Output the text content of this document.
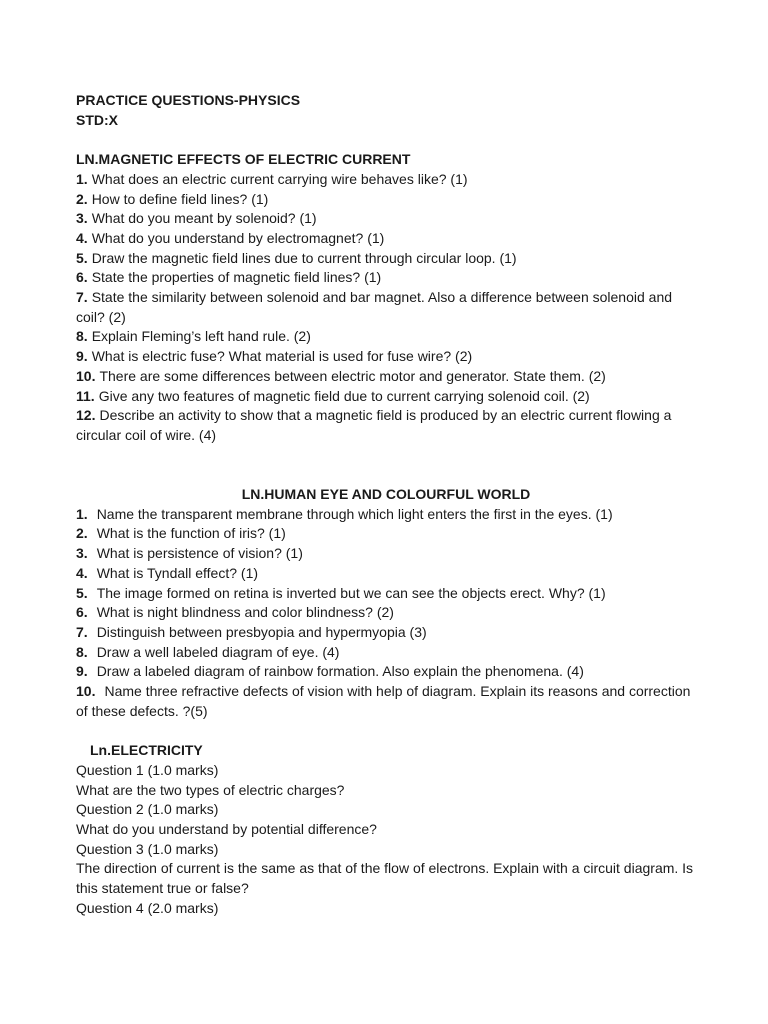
PRACTICE QUESTIONS-PHYSICS

STD:X

LN.MAGNETIC EFFECTS OF ELECTRIC CURRENT

1. What does an electric current carrying wire behaves like? (1)

2. How to define field lines? (1)

3. What do you meant by solenoid? (1)

4. What do you understand by electromagnet? (1)

5. Draw the magnetic field lines due to current through circular loop. (1)

6. State the properties of magnetic field lines? (1)

7. State the similarity between solenoid and bar magnet. Also a difference between solenoid and coil? (2)

8. Explain Fleming’s left hand rule. (2)

9. What is electric fuse? What material is used for fuse wire? (2)

10. There are some differences between electric motor and generator. State them. (2)

11. Give any two features of magnetic field due to current carrying solenoid coil. (2)

12. Describe an activity to show that a magnetic field is produced by an electric current flowing a circular coil of wire. (4)

LN.HUMAN EYE AND COLOURFUL WORLD

1. Name the transparent membrane through which light enters the first in the eyes. (1)

2. What is the function of iris? (1)

3. What is persistence of vision? (1)

4. What is Tyndall effect? (1)

5. The image formed on retina is inverted but we can see the objects erect. Why? (1)

6. What is night blindness and color blindness? (2)

7. Distinguish between presbyopia and hypermyopia (3)

8. Draw a well labeled diagram of eye. (4)

9. Draw a labeled diagram of rainbow formation. Also explain the phenomena. (4)

10. Name three refractive defects of vision with help of diagram. Explain its reasons and correction of these defects. ?(5)

Ln.ELECTRICITY

Question 1 (1.0 marks)

What are the two types of electric charges?

Question 2 (1.0 marks)

What do you understand by potential difference?

Question 3 (1.0 marks)

The direction of current is the same as that of the flow of electrons. Explain with a circuit diagram. Is this statement true or false?

Question 4 (2.0 marks)
